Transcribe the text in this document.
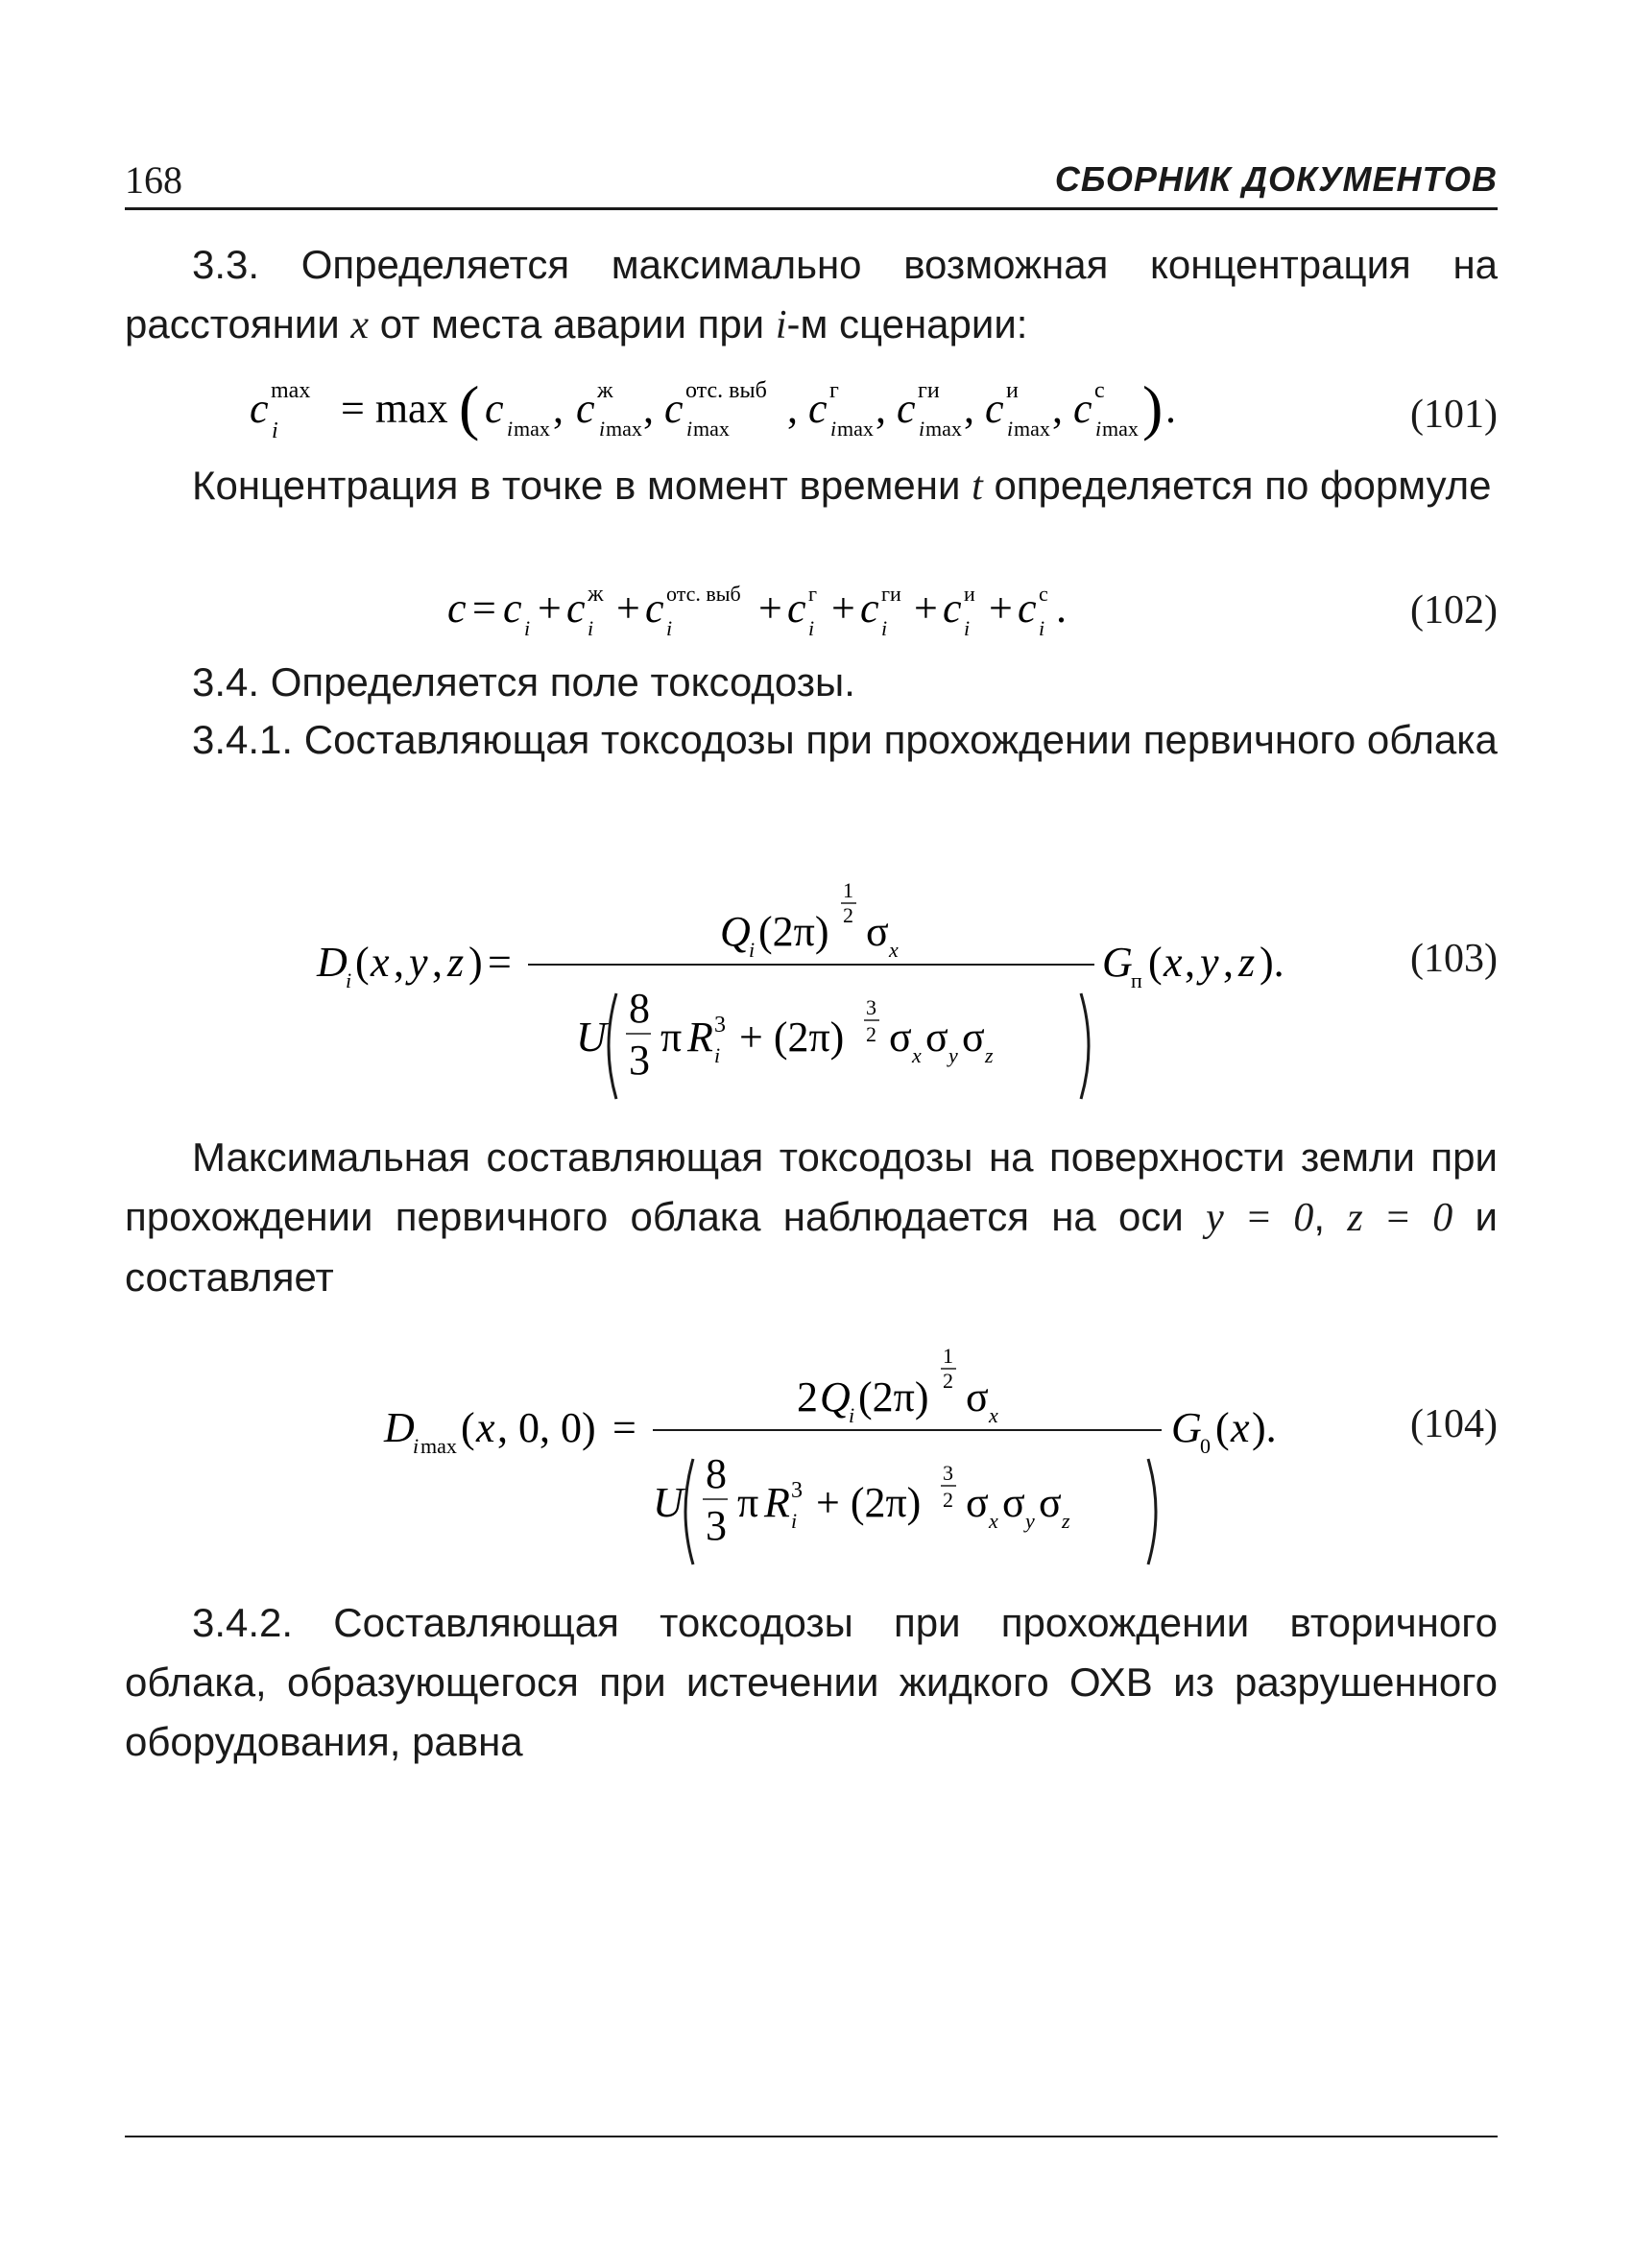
168	СБОРНИК ДОКУМЕНТОВ

3.3. Определяется максимально возможная концентрация на расстоянии x от места аварии при i-м сценарии:

c max
i = max ( c i max , c ж
i max , c отс. выб
i max , c г
i max , c ги
i max , c и
i max , c с
i max ) .	(101)

Концентрация в точке в момент времени t определяется по формуле

c = c i + c ж
i + c отс. выб
i + c г
i + c ги
i + c и
i + c с
i .	(102)

3.4. Определяется поле токсодозы.

3.4.1. Составляющая токсодозы при прохождении первичного облака

D
i ( x , y , z ) =
Q
i (2π)
1
2 σ x
U
8
3 π R 3
i + (2π)
3
2 σ x σ y σ z
G
п ( x , y , z ).	(103)

Максимальная составляющая токсодозы на поверхности земли при прохождении первичного облака наблюдается на оси y = 0, z = 0 и составляет

D
i max ( x , 0, 0) =
2 Q
i (2π)
1
2 σ x
U
8
3 π R 3
i + (2π)
3
2 σ x σ y σ z
G
0 ( x ).	(104)

3.4.2. Составляющая токсодозы при прохождении вторичного облака, образующегося при истечении жидкого ОХВ из разрушенного оборудования, равна
